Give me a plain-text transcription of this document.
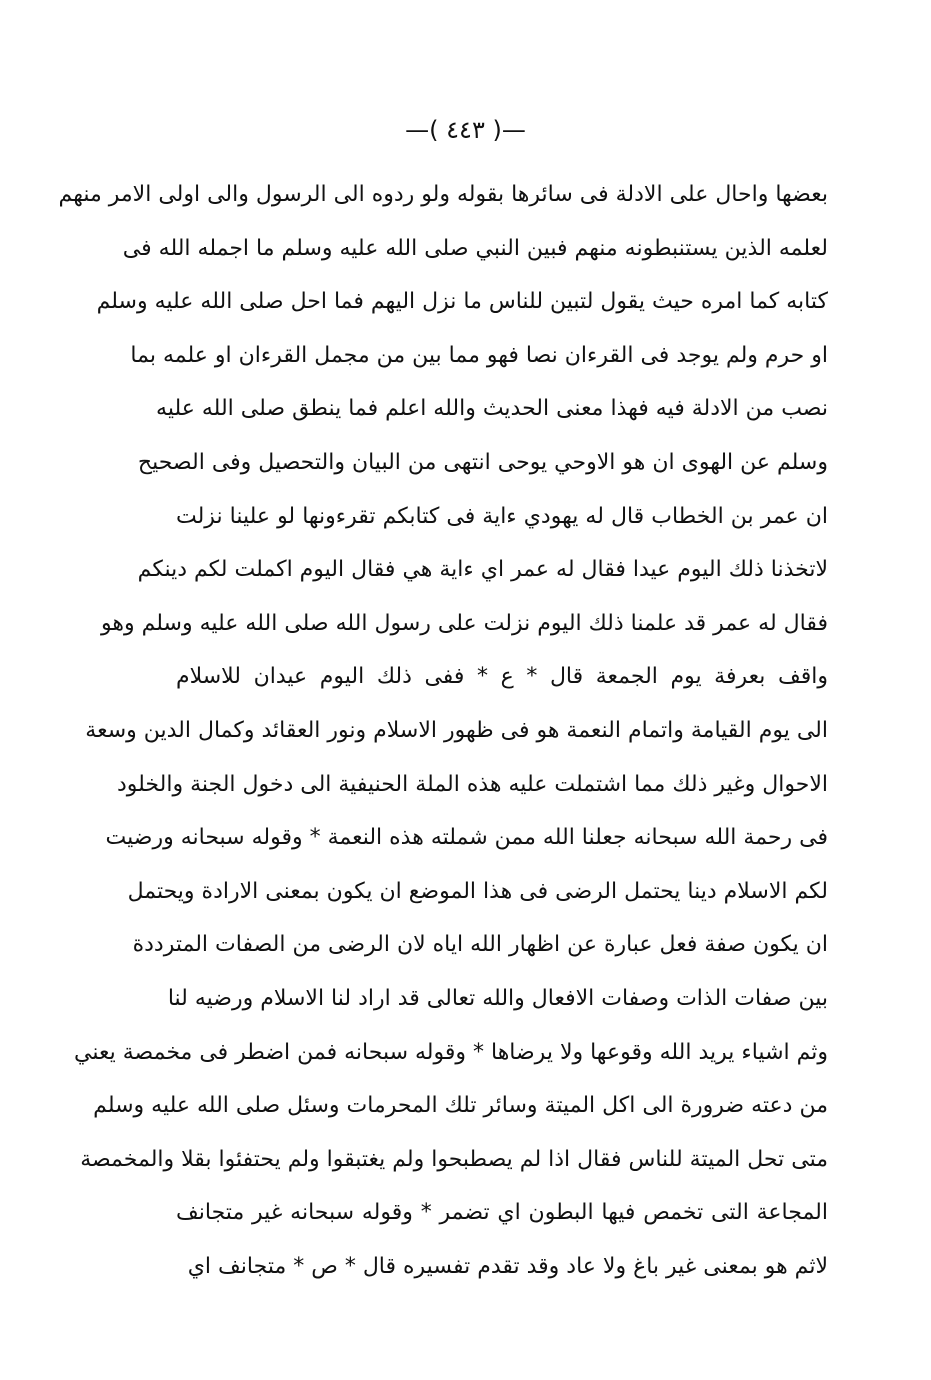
—( ٤٤٣ )—
بعضها واحال على الادلة فى سائرها بقوله ولو ردوه الى الرسول والى اولى الامر منهم
لعلمه الذين يستنبطونه منهم فبين النبي صلى الله عليه وسلم ما اجمله الله فى
كتابه كما امره حيث يقول لتبين للناس ما نزل اليهم فما احل صلى الله عليه وسلم
او حرم ولم يوجد فى القرءان نصا فهو مما بين من مجمل القرءان او علمه بما
نصب من الادلة فيه فهذا معنى الحديث والله اعلم فما ينطق صلى الله عليه
وسلم عن الهوى ان هو الاوحي يوحى انتهى من البيان والتحصيل وفى الصحيح
ان عمر بن الخطاب قال له يهودي ءاية فى كتابكم تقرءونها لو علينا نزلت
لاتخذنا ذلك اليوم عيدا فقال له عمر اي ءاية هي فقال اليوم اكملت لكم دينكم
فقال له عمر قد علمنا ذلك اليوم نزلت على رسول الله صلى الله عليه وسلم وهو
واقف بعرفة يوم الجمعة قال * ع * ففى ذلك اليوم عيدان للاسلام
الى يوم القيامة واتمام النعمة هو فى ظهور الاسلام ونور العقائد وكمال الدين وسعة
الاحوال وغير ذلك مما اشتملت عليه هذه الملة الحنيفية الى دخول الجنة والخلود
فى رحمة الله سبحانه جعلنا الله ممن شملته هذه النعمة * وقوله سبحانه ورضيت
لكم الاسلام دينا يحتمل الرضى فى هذا الموضع ان يكون بمعنى الارادة ويحتمل
ان يكون صفة فعل عبارة عن اظهار الله اياه لان الرضى من الصفات المترددة
بين صفات الذات وصفات الافعال والله تعالى قد اراد لنا الاسلام ورضيه لنا
وثم اشياء يريد الله وقوعها ولا يرضاها * وقوله سبحانه فمن اضطر فى مخمصة يعني
من دعته ضرورة الى اكل الميتة وسائر تلك المحرمات وسئل صلى الله عليه وسلم
متى تحل الميتة للناس فقال اذا لم يصطبحوا ولم يغتبقوا ولم يحتفئوا بقلا والمخمصة
المجاعة التى تخمص فيها البطون اي تضمر * وقوله سبحانه غير متجانف
لاثم هو بمعنى غير باغ ولا عاد وقد تقدم تفسيره قال * ص * متجانف اي
